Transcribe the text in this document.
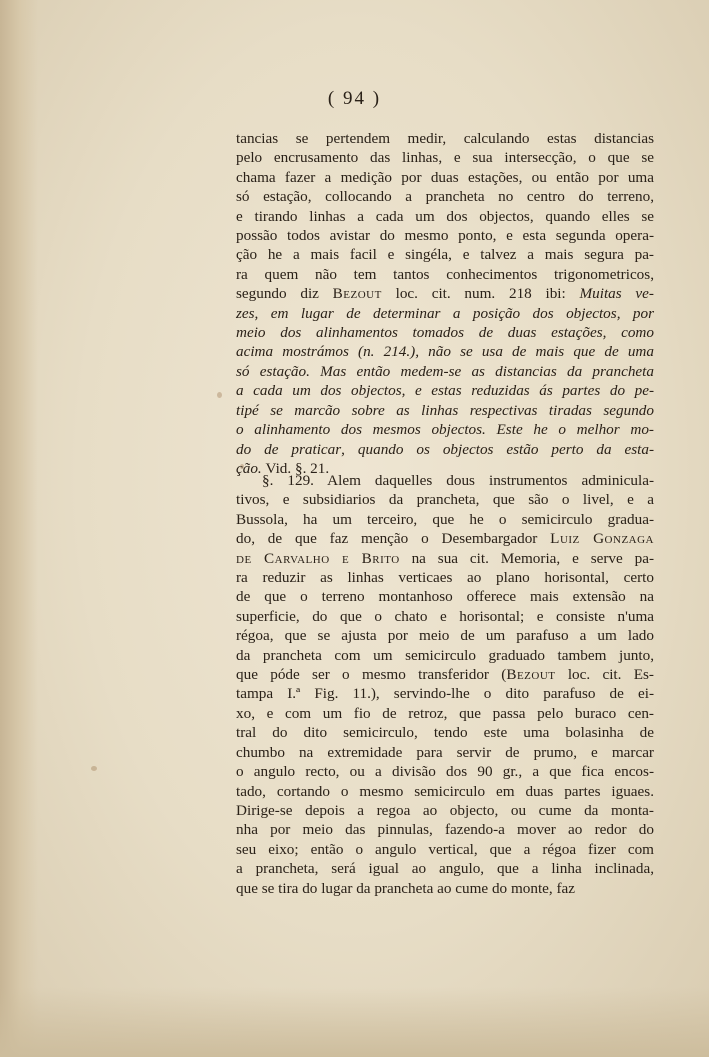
( 94 )
tancias se pertendem medir, calculando estas distancias
pelo encrusamento das linhas, e sua intersecção, o que se
chama fazer a medição por duas estações, ou então por uma
só estação, collocando a prancheta no centro do terreno,
e tirando linhas a cada um dos objectos, quando elles se
possão todos avistar do mesmo ponto, e esta segunda opera-
ção he a mais facil e singéla, e talvez a mais segura pa-
ra quem não tem tantos conhecimentos trigonometricos,
segundo diz Bezout loc. cit. num. 218 ibi: Muitas ve-
zes, em lugar de determinar a posição dos objectos, por
meio dos alinhamentos tomados de duas estações, como
acima mostrámos (n. 214.), não se usa de mais que de uma
só estação. Mas então medem-se as distancias da prancheta
a cada um dos objectos, e estas reduzidas ás partes do pe-
tipé se marcão sobre as linhas respectivas tiradas segundo
o alinhamento dos mesmos objectos. Este he o melhor mo-
do de praticar, quando os objectos estão perto da esta-
ção. Vid. §. 21.
§. 129. Alem daquelles dous instrumentos adminicula-
tivos, e subsidiarios da prancheta, que são o livel, e a
Bussola, ha um terceiro, que he o semicirculo gradua-
do, de que faz menção o Desembargador Luiz Gonzaga
de Carvalho e Brito na sua cit. Memoria, e serve pa-
ra reduzir as linhas verticaes ao plano horisontal, certo
de que o terreno montanhoso offerece mais extensão na
superficie, do que o chato e horisontal; e consiste n'uma
régoa, que se ajusta por meio de um parafuso a um lado
da prancheta com um semicirculo graduado tambem junto,
que póde ser o mesmo transferidor (Bezout loc. cit. Es-
tampa I.ª Fig. 11.), servindo-lhe o dito parafuso de ei-
xo, e com um fio de retroz, que passa pelo buraco cen-
tral do dito semicirculo, tendo este uma bolasinha de
chumbo na extremidade para servir de prumo, e marcar
o angulo recto, ou a divisão dos 90 gr., a que fica encos-
tado, cortando o mesmo semicirculo em duas partes iguaes.
Dirige-se depois a regoa ao objecto, ou cume da monta-
nha por meio das pinnulas, fazendo-a mover ao redor do
seu eixo; então o angulo vertical, que a régoa fizer com
a prancheta, será igual ao angulo, que a linha inclinada,
que se tira do lugar da prancheta ao cume do monte, faz
